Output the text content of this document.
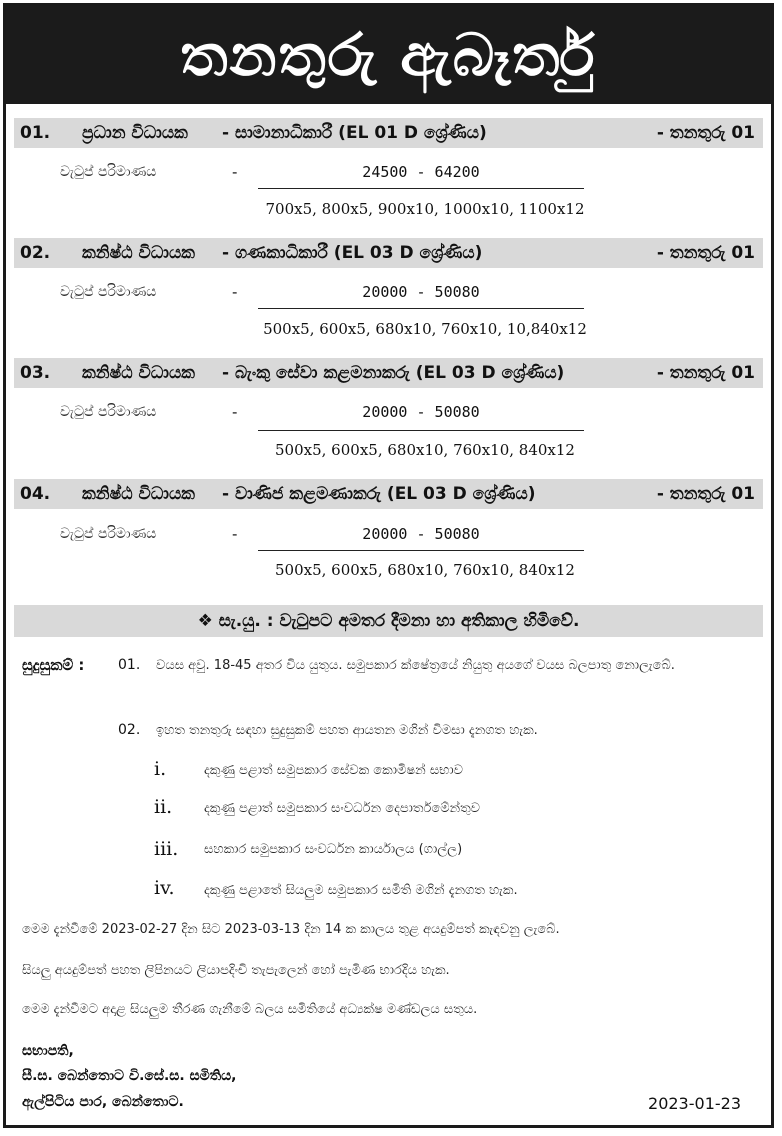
තනතුරු ඇබෑර්තු
01.	ප්‍රධාන විධායක	- සාමානාධිකාරී (EL 01 D ශ්‍රේණිය)	- තනතුරු 01
වැටුප් පරිමාණය	-	24500 - 64200
700x5, 800x5, 900x10, 1000x10, 1100x12
02.	කනිෂ්ඨ විධායක	- ගණකාධිකාරී (EL 03 D ශ්‍රේණිය)	- තනතුරු 01
වැටුප් පරිමාණය	-	20000 - 50080
500x5, 600x5, 680x10, 760x10, 10,840x12
03.	කනිෂ්ඨ විධායක	- බැංකු සේවා කළමනාකරු (EL 03 D ශ්‍රේණිය)	- තනතුරු 01
වැටුප් පරිමාණය	-	20000 - 50080
500x5, 600x5, 680x10, 760x10, 840x12
04.	කනිෂ්ඨ විධායක	- වාණිජ කළමණාකරු (EL 03 D ශ්‍රේණිය)	- තනතුරු 01
වැටුප් පරිමාණය	-	20000 - 50080
500x5, 600x5, 680x10, 760x10, 840x12
❖ සැ.යු. : වැටුපට අමතර දීමනා හා අතිකාල හිමිවේ.
සුදුසුකම් : 01. වයස අවු. 18-45 අතර විය යුතුය. සමුපකාර ක්ෂේත්‍රයේ නියුතු අයගේ වයස බලපාතු නොලැබේ.
02. ඉහත තනතුරු සඳහා සුදුසුකම් පහත ආයතන මගින් විමසා දැනගත හැක.
i.	දකුණු පළාත් සමුපකාර සේවක කොමිෂන් සභාව
ii. දකුණු පළාත් සමුපකාර සංවර්ධන දෙපාර්තමේන්තුව
iii. සහකාර සමුපකාර සංවර්ධන කාර්යාලය (ගාල්ල)
iv. දකුණු පළාතේ සියලුම සමුපකාර සමිති මගින් දැනගත හැක.
මෙම දැන්වීමේ 2023-02-27 දින සිට 2023-03-13 දින 14 ක කාලය තුළ අයදුම්පත් කැඳවනු ලැබේ.
සියලු අයදුම්පත් පහත ලිපිනයට ලියාපදිංචි තැපැලෙන් හෝ පැමිණ භාරදිය හැක.
මෙම දැන්වීමට අදාළ සියලුම තීරණ ගැනීමේ බලය සමිතියේ අධ්‍යක්ෂ මණ්ඩලය සතුය.
සභාපති,
සී.ස. බෙන්තොට වි.සේ.ස. සමිතිය,
ඇල්පිටිය පාර, බෙන්තොට.	2023-01-23
